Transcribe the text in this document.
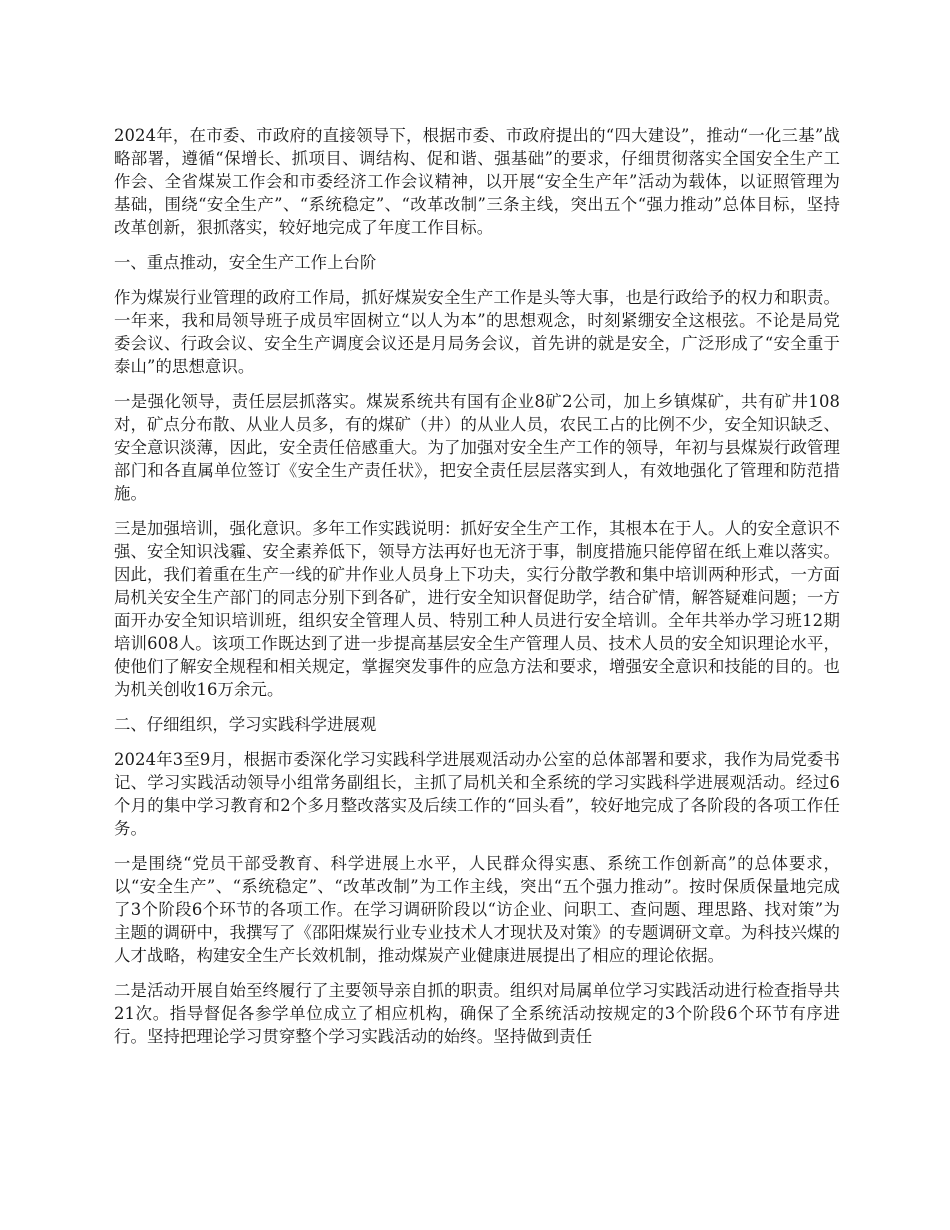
2024年，在市委、市政府的直接领导下，根据市委、市政府提出的“四大建设”，推动“一化三基”战略部署，遵循“保增长、抓项目、调结构、促和谐、强基础”的要求，仔细贯彻落实全国安全生产工作会、全省煤炭工作会和市委经济工作会议精神，以开展“安全生产年”活动为载体，以证照管理为基础，围绕“安全生产”、“系统稳定”、“改革改制”三条主线，突出五个“强力推动”总体目标，坚持改革创新，狠抓落实，较好地完成了年度工作目标。

一、重点推动，安全生产工作上台阶

作为煤炭行业管理的政府工作局，抓好煤炭安全生产工作是头等大事，也是行政给予的权力和职责。一年来，我和局领导班子成员牢固树立“以人为本”的思想观念，时刻紧绷安全这根弦。不论是局党委会议、行政会议、安全生产调度会议还是月局务会议，首先讲的就是安全，广泛形成了“安全重于泰山”的思想意识。

一是强化领导，责任层层抓落实。煤炭系统共有国有企业8矿2公司，加上乡镇煤矿，共有矿井108对，矿点分布散、从业人员多，有的煤矿（井）的从业人员，农民工占的比例不少，安全知识缺乏、安全意识淡薄，因此，安全责任倍感重大。为了加强对安全生产工作的领导，年初与县煤炭行政管理部门和各直属单位签订《安全生产责任状》，把安全责任层层落实到人，有效地强化了管理和防范措施。

三是加强培训，强化意识。多年工作实践说明：抓好安全生产工作，其根本在于人。人的安全意识不强、安全知识浅霾、安全素养低下，领导方法再好也无济于事，制度措施只能停留在纸上难以落实。因此，我们着重在生产一线的矿井作业人员身上下功夫，实行分散学教和集中培训两种形式，一方面局机关安全生产部门的同志分别下到各矿，进行安全知识督促助学，结合矿情，解答疑难问题；一方面开办安全知识培训班，组织安全管理人员、特别工种人员进行安全培训。全年共举办学习班12期培训608人。该项工作既达到了进一步提高基层安全生产管理人员、技术人员的安全知识理论水平，使他们了解安全规程和相关规定，掌握突发事件的应急方法和要求，增强安全意识和技能的目的。也为机关创收16万余元。

二、仔细组织，学习实践科学进展观

2024年3至9月，根据市委深化学习实践科学进展观活动办公室的总体部署和要求，我作为局党委书记、学习实践活动领导小组常务副组长，主抓了局机关和全系统的学习实践科学进展观活动。经过6个月的集中学习教育和2个多月整改落实及后续工作的“回头看”，较好地完成了各阶段的各项工作任务。

一是围绕“党员干部受教育、科学进展上水平，人民群众得实惠、系统工作创新高”的总体要求，以“安全生产”、“系统稳定”、“改革改制”为工作主线，突出“五个强力推动”。按时保质保量地完成了3个阶段6个环节的各项工作。在学习调研阶段以“访企业、问职工、查问题、理思路、找对策”为主题的调研中，我撰写了《邵阳煤炭行业专业技术人才现状及对策》的专题调研文章。为科技兴煤的人才战略，构建安全生产长效机制，推动煤炭产业健康进展提出了相应的理论依据。

二是活动开展自始至终履行了主要领导亲自抓的职责。组织对局属单位学习实践活动进行检查指导共21次。指导督促各参学单位成立了相应机构，确保了全系统活动按规定的3个阶段6个环节有序进行。坚持把理论学习贯穿整个学习实践活动的始终。坚持做到责任
